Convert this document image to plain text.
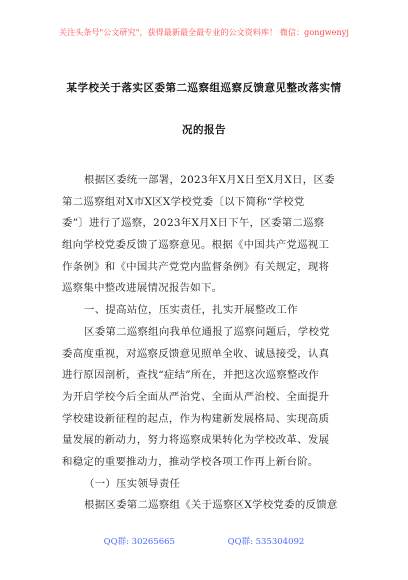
关注头条号"公文研究"，获得最新最全最专业的公文资料库！ 微信：gongwenyj
某学校关于落实区委第二巡察组巡察反馈意见整改落实情
况的报告
根据区委统一部署，2023年X月X日至X月X日，区委
第二巡察组对X市X区X学校党委〔以下简称“学校党
委”〕进行了巡察，2023年X月X日下午，区委第二巡察
组向学校党委反馈了巡察意见。根据《中国共产党巡视工
作条例》和《中国共产党党内监督条例》有关规定，现将
巡察集中整改进展情况报告如下。
一、提高站位，压实责任，扎实开展整改工作
区委第二巡察组向我单位通报了巡察问题后，学校党
委高度重视，对巡察反馈意见照单全收、诚恳接受，认真
进行原因剖析，查找“症结”所在，并把这次巡察整改作
为开启学校今后全面从严治党、全面从严治校、全面提升
学校建设新征程的起点，作为构建新发展格局、实现高质
量发展的新动力，努力将巡察成果转化为学校改革、发展
和稳定的重要推动力，推动学校各项工作再上新台阶。
（一）压实领导责任
根据区委第二巡察组《关于巡察区X学校党委的反馈意
QQ群: 30265665	QQ群: 535304092
